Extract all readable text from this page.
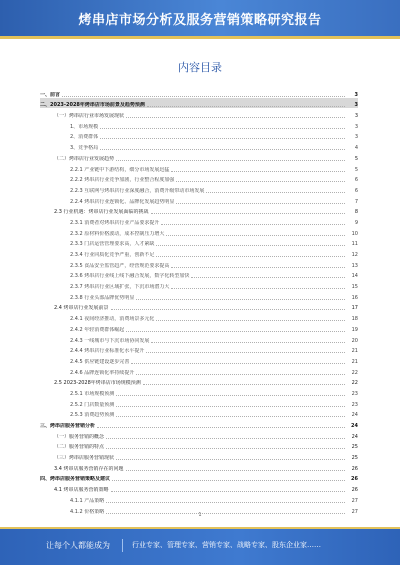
烤串店市场分析及服务营销策略研究报告
内容目录
一、前言	3
二、2023-2028年烤串店市场前景及趋势预测	3
（一）烤串店行业市场发展现状	3
1、市场规模	3
2、消费群体	3
3、竞争格局	4
（二）烤串店行业发展趋势	5
2.2.1 产业链中下游结构，细分市场发展迅猛	5
2.2.2 烤串店行业竞争加剧，行业整合程度加强	6
2.2.3 互联网与烤串店行业深度融合，消费升级带动市场发展	6
2.2.4 烤串店行业连锁化、品牌化发展趋势明显	7
2.3 行业机遇：烤串店行业发展面临的挑战	8
2.3.1 消费者对烤串店行业产品要求提升	9
2.3.2 原材料价格波动，成本控制压力增大	10
2.3.3 门店运营管理要求高，人才紧缺	11
2.3.4 行业同质化竞争严重，创新不足	12
2.3.5 食品安全监管趋严，经营规范要求提高	13
2.3.6 烤串店行业线上线下融合发展，数字化转型加快	14
2.3.7 烤串店行业区域扩张，下沉市场潜力大	15
2.3.8 行业头部品牌优势明显	16
2.4 烤串店行业发展前景	17
2.4.1 夜间经济推动，消费场景多元化	18
2.4.2 年轻消费群体崛起	19
2.4.3 一线城市与下沉市场协同发展	20
2.4.4 烤串店行业标准化水平提升	21
2.4.5 供应链建设逐步完善	21
2.4.6 品牌连锁化率持续提升	22
2.5 2023-2028年烤串店市场规模预测	22
2.5.1 市场规模预测	23
2.5.2 门店数量预测	23
2.5.3 消费趋势预测	24
三、烤串店服务营销分析	24
（一）服务营销的概念	24
（二）服务营销的特点	25
（三）烤串店服务营销现状	25
3.4 烤串店服务营销存在的问题	26
四、烤串店服务营销策略及建议	26
4.1 烤串店服务营销策略	26
4.1.1 产品策略	27
4.1.2 价格策略	27
1
让每个人都能成为	行业专家、管理专家、营销专家、战略专家、股东企业家……
